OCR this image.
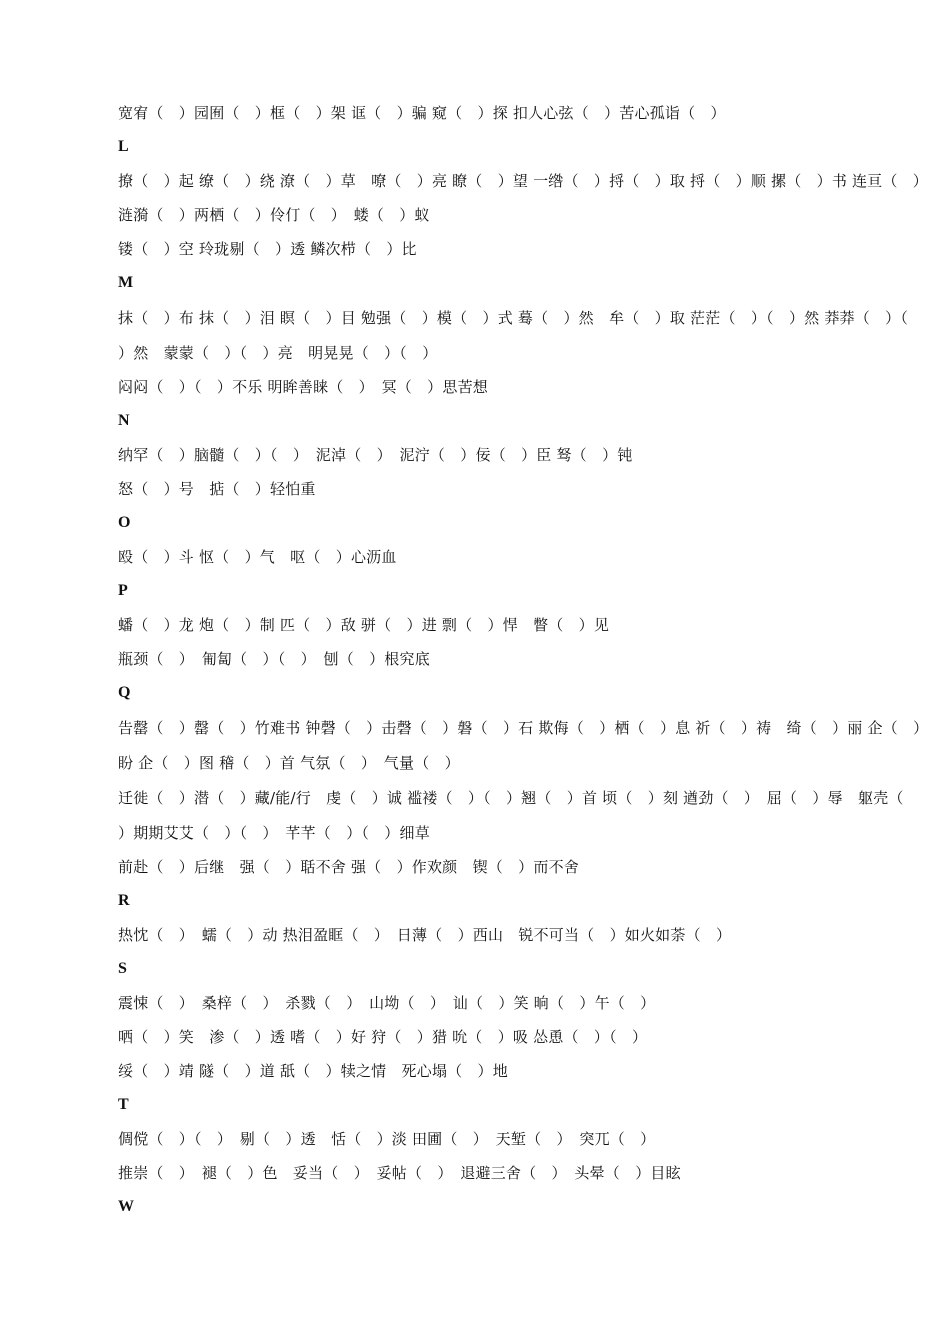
宽宥（　）园囿（　）框（　）架 诓（　）骗 窥（　）探 扣人心弦（　）苦心孤诣（　）
L
撩（　）起 缭（　）绕 潦（　）草　嘹（　）亮 瞭（　）望 一绺（　）捋（　）取 捋（　）顺 摞（　）书 连亘（　）
涟漪（　）两栖（　）伶仃（　）　蝼（　）蚁
镂（　）空 玲珑剔（　）透 鳞次栉（　）比
M
抹（　）布 抹（　）泪 瞑（　）目 勉强（　）模（　）式 蓦（　）然　牟（　）取 茫茫（　）（　）然 莽莽（　）（
）然　蒙蒙（　）（　）亮　明晃晃（　）（　）
闷闷（　）（　）不乐 明眸善睐（　）　冥（　）思苦想
N
纳罕（　）脑髓（　）（　）　泥淖（　）　泥泞（　）佞（　）臣 驽（　）钝
怒（　）号　掂（　）轻怕重
O
殴（　）斗 怄（　）气　呕（　）心沥血
P
蟠（　）龙 炮（　）制 匹（　）敌 骈（　）进 剽（　）悍　瞥（　）见
瓶颈（　）　匍匐（　）（　）　刨（　）根究底
Q
告罄（　）罄（　）竹难书 钟磬（　）击磬（　）磐（　）石 欺侮（　）栖（　）息 祈（　）祷　绮（　）丽 企（　）
盼 企（　）图 稽（　）首 气氛（　）　气量（　）
迁徙（　）潜（　）藏/能/行　虔（　）诚 褴褛（　）（　）翘（　）首 顷（　）刻 遒劲（　）　屈（　）辱　躯壳（
）期期艾艾（　）（　）　芊芊（　）（　）细草
前赴（　）后继　强（　）聒不舍 强（　）作欢颜　锲（　）而不舍
R
热忱（　）　蠕（　）动 热泪盈眶（　）　日薄（　）西山　锐不可当（　）如火如荼（　）
S
震悚（　）　桑梓（　）　杀戮（　）　山坳（　）　讪（　）笑 晌（　）午（　）
哂（　）笑　渗（　）透 嗜（　）好 狩（　）猎 吮（　）吸 怂恿（　）（　）
绥（　）靖 隧（　）道 舐（　）犊之情　死心塌（　）地
T
倜傥（　）（　）　剔（　）透　恬（　）淡 田圃（　）　天堑（　）　突兀（　）
推崇（　）　褪（　）色　妥当（　）　妥帖（　）　退避三舍（　）　头晕（　）目眩
W
